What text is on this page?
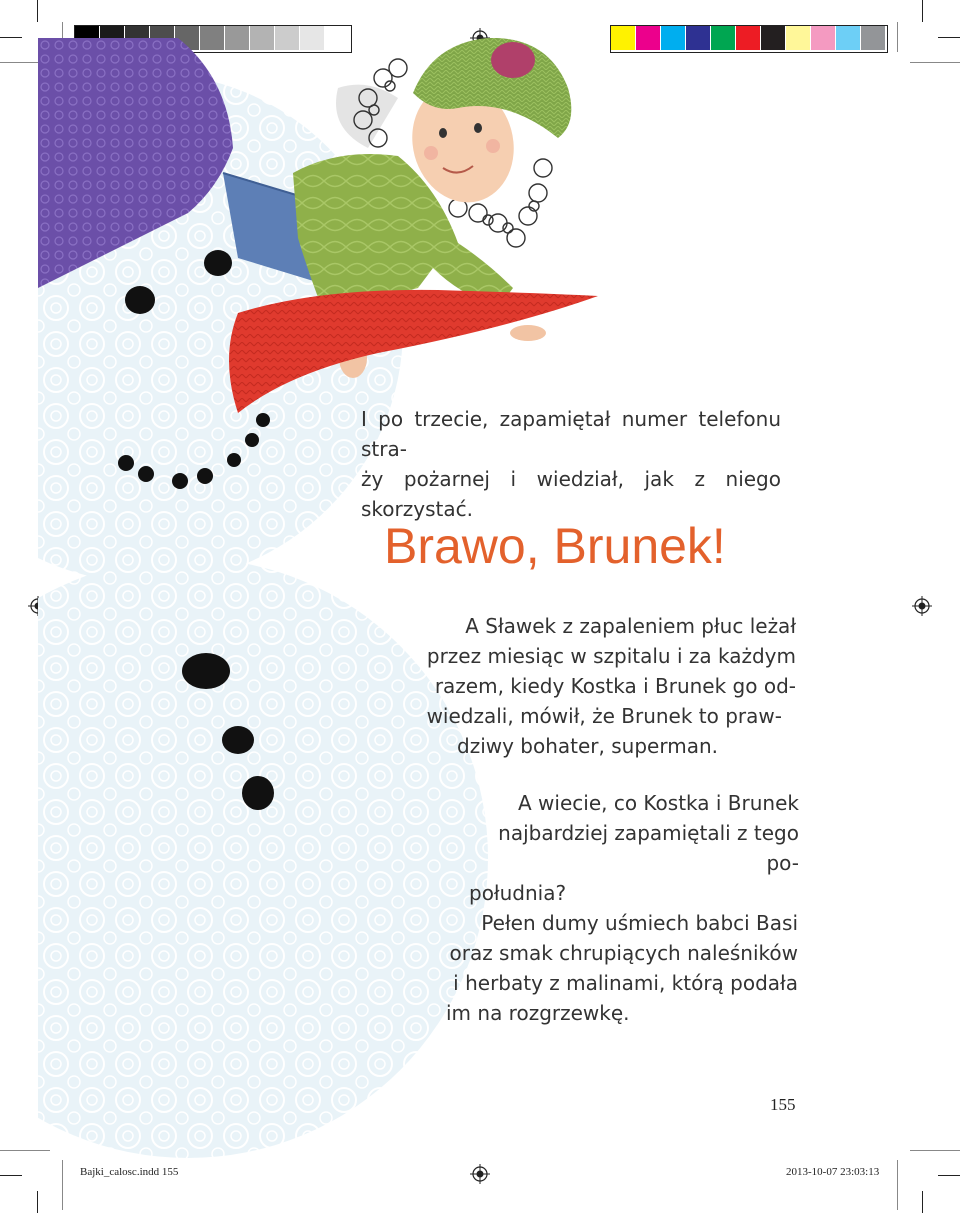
I po trzecie, zapamiętał numer telefonu stra-
ży pożarnej i wiedział, jak z niego skorzystać.
Brawo, Brunek!
A Sławek z zapaleniem płuc leżał
przez miesiąc w szpitalu i za każdym
razem, kiedy Kostka i Brunek go od-
wiedzali, mówił, że Brunek to praw-
dziwy bohater, superman.
A wiecie, co Kostka i Brunek
najbardziej zapamiętali z tego po-
południa?
Pełen dumy uśmiech babci Basi
oraz smak chrupiących naleśników
i herbaty z malinami, którą podała
im na rozgrzewkę.
155
Bajki_calosc.indd 155	2013-10-07 23:03:13
